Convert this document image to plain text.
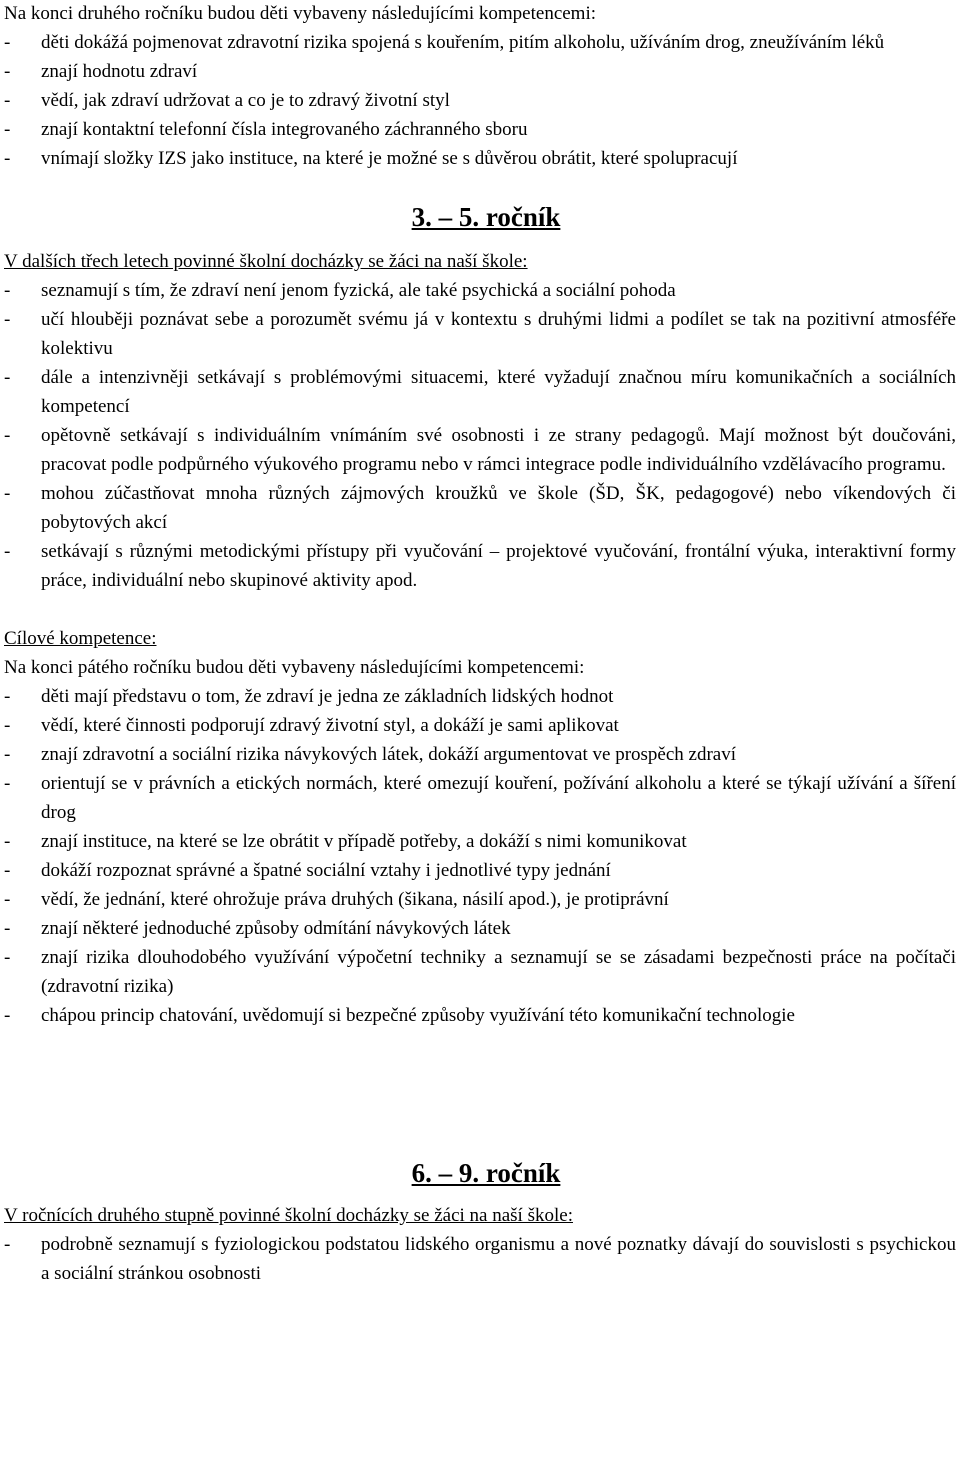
Na konci druhého ročníku budou děti vybaveny následujícími kompetencemi:
- děti dokážá pojmenovat zdravotní rizika spojená s kouřením, pitím alkoholu, užíváním drog, zneužíváním léků
- znají hodnotu zdraví
- vědí, jak zdraví udržovat a co je to zdravý životní styl
- znají kontaktní telefonní čísla integrovaného záchranného sboru
- vnímají složky IZS jako instituce, na které je možné se s důvěrou obrátit, které spolupracují
3. – 5. ročník
V dalších třech letech povinné školní docházky se žáci na naší škole:
- seznamují s tím, že zdraví není jenom fyzická, ale také psychická a sociální pohoda
- učí hlouběji poznávat sebe a porozumět svému já v kontextu s druhými lidmi a podílet se tak na pozitivní atmosféře kolektivu
- dále a intenzivněji setkávají s problémovými situacemi, které vyžadují značnou míru komunikačních a sociálních kompetencí
- opětovně setkávají s individuálním vnímáním své osobnosti i ze strany pedagogů. Mají možnost být doučováni, pracovat podle podpůrného výukového programu nebo v rámci integrace podle individuálního vzdělávacího programu.
- mohou zúčastňovat mnoha různých zájmových kroužků ve škole (ŠD, ŠK, pedagogové) nebo víkendových či pobytových akcí
- setkávají s různými metodickými přístupy při vyučování – projektové vyučování, frontální výuka, interaktivní formy práce, individuální nebo skupinové aktivity apod.
Cílové kompetence:
Na konci pátého ročníku budou děti vybaveny následujícími kompetencemi:
- děti mají představu o tom, že zdraví je jedna ze základních lidských hodnot
- vědí, které činnosti podporují zdravý životní styl, a dokáží je sami aplikovat
- znají zdravotní a sociální rizika návykových látek, dokáží argumentovat ve prospěch zdraví
- orientují se v právních a etických normách, které omezují kouření, požívání alkoholu a které se týkají užívání a šíření drog
- znají instituce, na které se lze obrátit v případě potřeby, a dokáží s nimi komunikovat
- dokáží rozpoznat správné a špatné sociální vztahy i jednotlivé typy jednání
- vědí, že jednání, které ohrožuje práva druhých (šikana, násilí apod.), je protiprávní
- znají některé jednoduché způsoby odmítání návykových látek
- znají rizika dlouhodobého využívání výpočetní techniky a seznamují se se zásadami bezpečnosti práce na počítači (zdravotní rizika)
- chápou princip chatování, uvědomují si bezpečné způsoby využívání této komunikační technologie
6. – 9. ročník
V ročnících druhého stupně povinné školní docházky se žáci na naší škole:
- podrobně seznamují s fyziologickou podstatou lidského organismu a nové poznatky dávají do souvislosti s psychickou a sociální stránkou osobnosti
